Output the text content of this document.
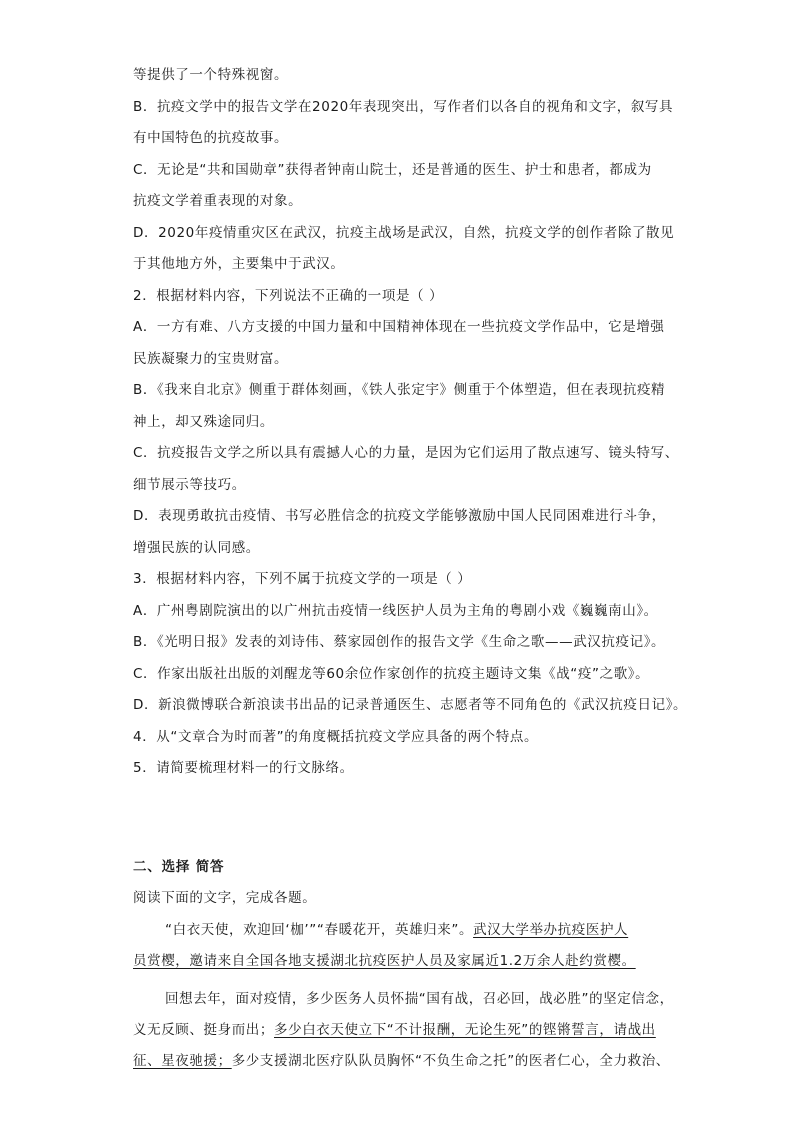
等提供了一个特殊视窗。
B．抗疫文学中的报告文学在2020年表现突出，写作者们以各自的视角和文字，叙写具
有中国特色的抗疫故事。
C．无论是“共和国勋章”获得者钟南山院士，还是普通的医生、护士和患者，都成为
抗疫文学着重表现的对象。
D．2020年疫情重灾区在武汉，抗疫主战场是武汉，自然，抗疫文学的创作者除了散见
于其他地方外，主要集中于武汉。
2．根据材料内容，下列说法不正确的一项是（ ）
A．一方有难、八方支援的中国力量和中国精神体现在一些抗疫文学作品中，它是增强
民族凝聚力的宝贵财富。
B．《我来自北京》侧重于群体刻画，《铁人张定宇》侧重于个体塑造，但在表现抗疫精
神上，却又殊途同归。
C．抗疫报告文学之所以具有震撼人心的力量，是因为它们运用了散点速写、镜头特写、
细节展示等技巧。
D．表现勇敢抗击疫情、书写必胜信念的抗疫文学能够激励中国人民同困难进行斗争，
增强民族的认同感。
3．根据材料内容，下列不属于抗疫文学的一项是（ ）
A．广州粤剧院演出的以广州抗击疫情一线医护人员为主角的粤剧小戏《巍巍南山》。
B．《光明日报》发表的刘诗伟、蔡家园创作的报告文学《生命之歌——武汉抗疫记》。
C．作家出版社出版的刘醒龙等60余位作家创作的抗疫主题诗文集《战“疫”之歌》。
D．新浪微博联合新浪读书出品的记录普通医生、志愿者等不同角色的《武汉抗疫日记》。
4．从“文章合为时而著”的角度概括抗疫文学应具备的两个特点。
5．请简要梳理材料一的行文脉络。
二、选择 简答
阅读下面的文字，完成各题。
“白衣天使，欢迎回‘枷’”“春暖花开，英雄归来”。武汉大学举办抗疫医护人
员赏樱，邀请来自全国各地支援湖北抗疫医护人员及家属近1.2万余人赴约赏樱。
回想去年，面对疫情，多少医务人员怀揣“国有战，召必回，战必胜”的坚定信念，
义无反顾、挺身而出；多少白衣天使立下“不计报酬，无论生死”的铿锵誓言，请战出
征、星夜驰援；多少支援湖北医疗队队员胸怀“不负生命之托”的医者仁心，全力救治、
